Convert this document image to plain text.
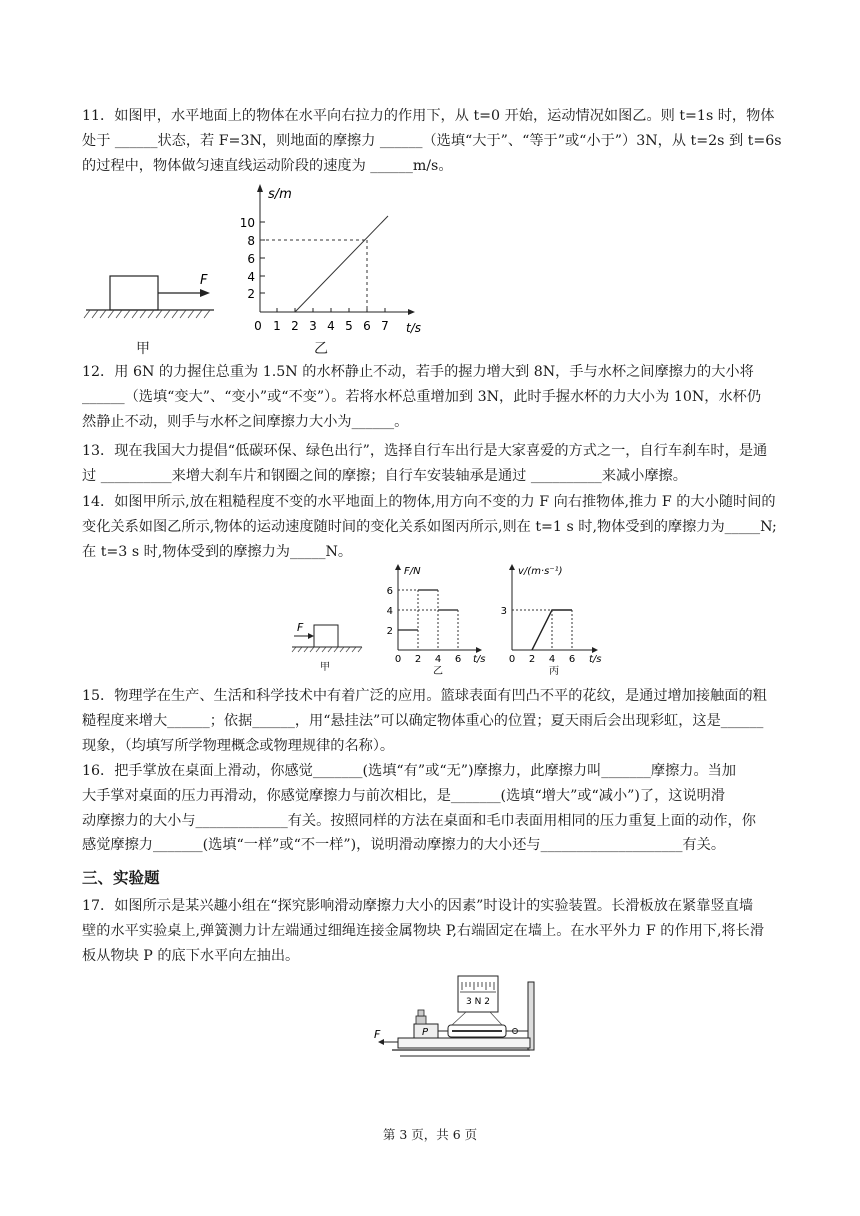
11．如图甲，水平地面上的物体在水平向右拉力的作用下，从 t=0 开始，运动情况如图乙。则 t=1s 时，物体
处于 ______状态，若 F=3N，则地面的摩擦力 ______（选填“大于”、“等于”或“小于”）3N，从 t=2s 到 t=6s
的过程中，物体做匀速直线运动阶段的速度为 ______m/s。
F
甲
s/m
t/s
2
4
6
8
10
0 1 2 3 4 5 6 7
乙
12．用 6N 的力握住总重为 1.5N 的水杯静止不动，若手的握力增大到 8N，手与水杯之间摩擦力的大小将
______（选填“变大”、“变小”或“不变”）。若将水杯总重增加到 3N，此时手握水杯的力大小为 10N，水杯仍
然静止不动，则手与水杯之间摩擦力大小为______。
13．现在我国大力提倡“低碳环保、绿色出行”，选择自行车出行是大家喜爱的方式之一，自行车刹车时，是通
过 __________来增大刹车片和钢圈之间的摩擦；自行车安装轴承是通过 __________来减小摩擦。
14．如图甲所示,放在粗糙程度不变的水平地面上的物体,用方向不变的力 F 向右推物体,推力 F 的大小随时间的
变化关系如图乙所示,物体的运动速度随时间的变化关系如图丙所示,则在 t=1 s 时,物体受到的摩擦力为_____N;
在 t=3 s 时,物体受到的摩擦力为_____N。
F
甲
F/N
t/s
2
4
6
0 2 4 6
乙
v/(m·s⁻¹)
t/s
3
0 2 4 6
丙
15．物理学在生产、生活和科学技术中有着广泛的应用。篮球表面有凹凸不平的花纹，是通过增加接触面的粗
糙程度来增大______；依据______，用“悬挂法”可以确定物体重心的位置；夏天雨后会出现彩虹，这是______
现象，（均填写所学物理概念或物理规律的名称）。
16．把手掌放在桌面上滑动，你感觉_______(选填“有”或“无”)摩擦力，此摩擦力叫_______摩擦力。当加
大手掌对桌面的压力再滑动，你感觉摩擦力与前次相比，是_______(选填“增大”或“减小”)了，这说明滑
动摩擦力的大小与_____________有关。按照同样的方法在桌面和毛巾表面用相同的压力重复上面的动作，你
感觉摩擦力_______(选填“一样”或“不一样”)，说明滑动摩擦力的大小还与____________________有关。
三、实验题
17．如图所示是某兴趣小组在“探究影响滑动摩擦力大小的因素”时设计的实验装置。长滑板放在紧靠竖直墙
壁的水平实验桌上,弹簧测力计左端通过细绳连接金属物块 P,右端固定在墙上。在水平外力 F 的作用下,将长滑
板从物块 P 的底下水平向左抽出。
F	P
3 N 2
第 3 页，共 6 页
